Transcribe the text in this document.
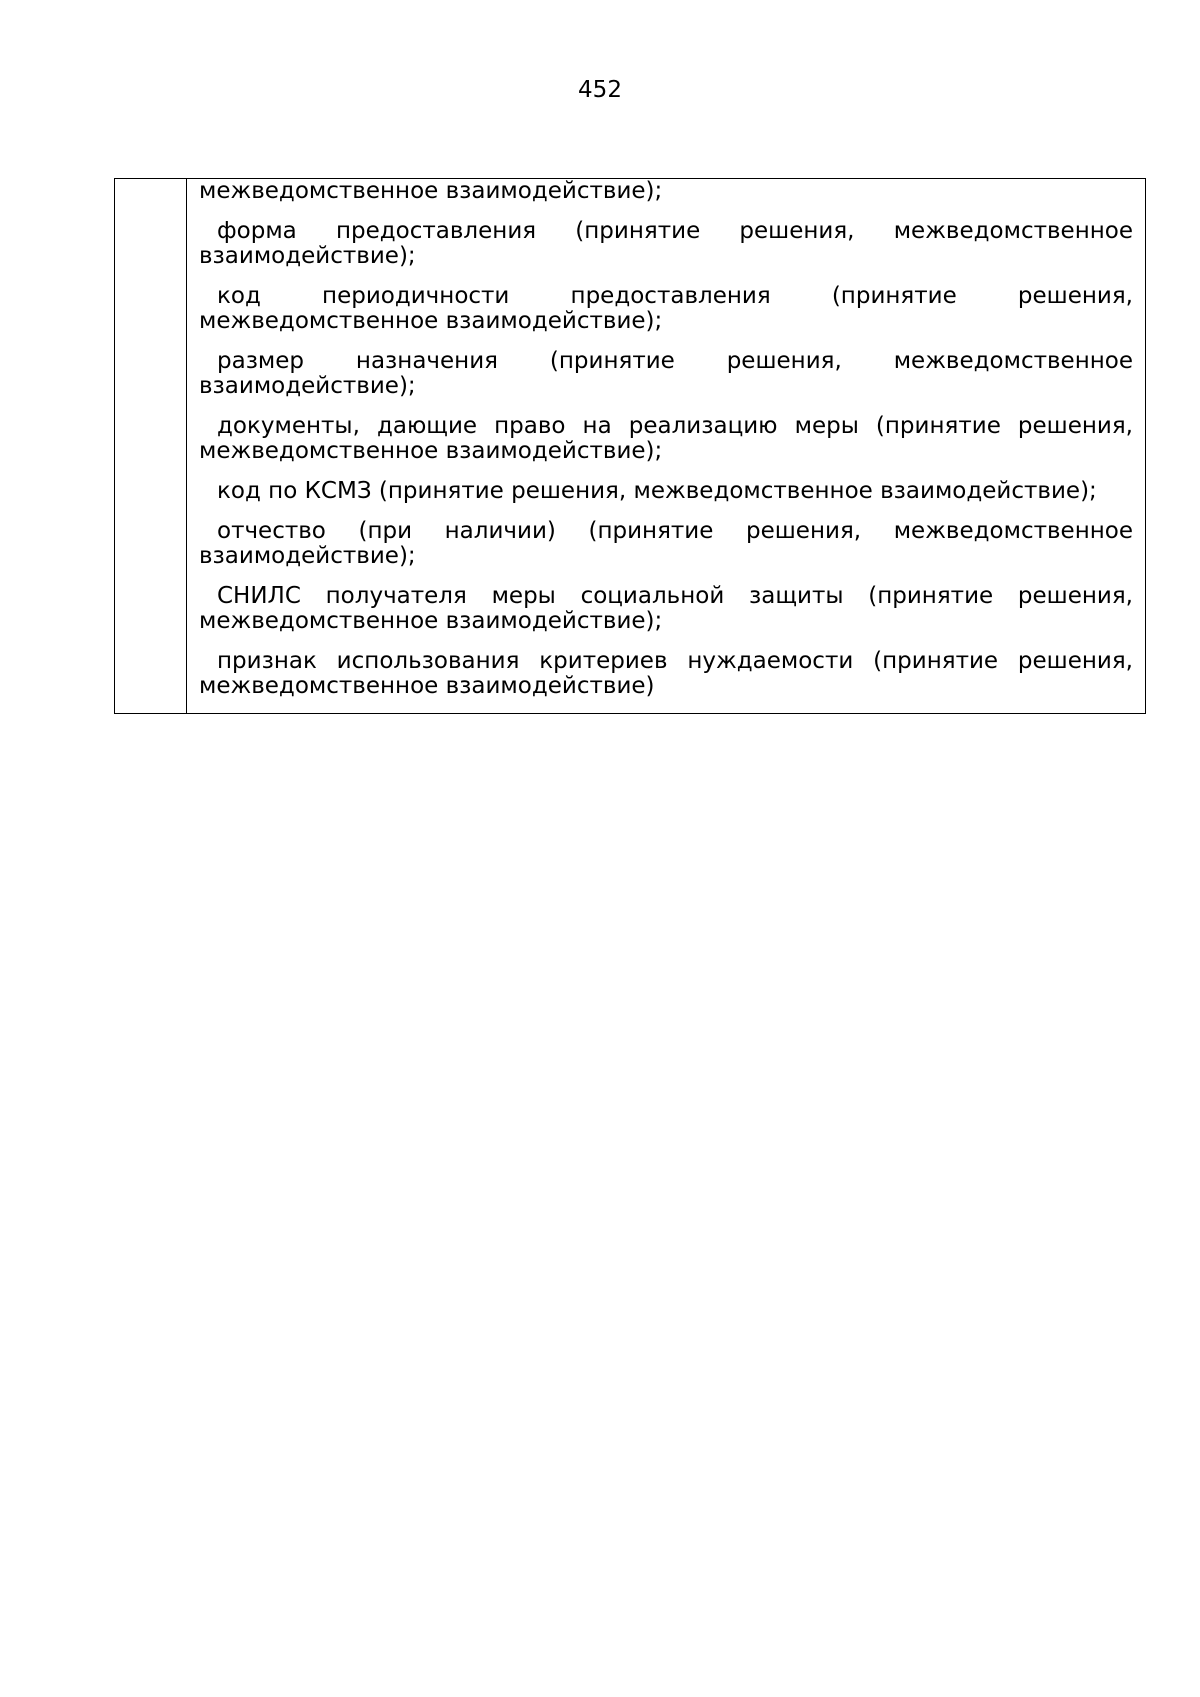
452

межведомственное взаимодействие);

форма предоставления (принятие решения, межведомственное взаимодействие);

код периодичности предоставления (принятие решения, межведомственное взаимодействие);

размер назначения (принятие решения, межведомственное взаимодействие);

документы, дающие право на реализацию меры (принятие решения, межведомственное взаимодействие);

код по КСМЗ (принятие решения, межведомственное взаимодействие);

отчество (при наличии) (принятие решения, межведомственное взаимодействие);

СНИЛС получателя меры социальной защиты (принятие решения, межведомственное взаимодействие);

признак использования критериев нуждаемости (принятие решения, межведомственное взаимодействие)
